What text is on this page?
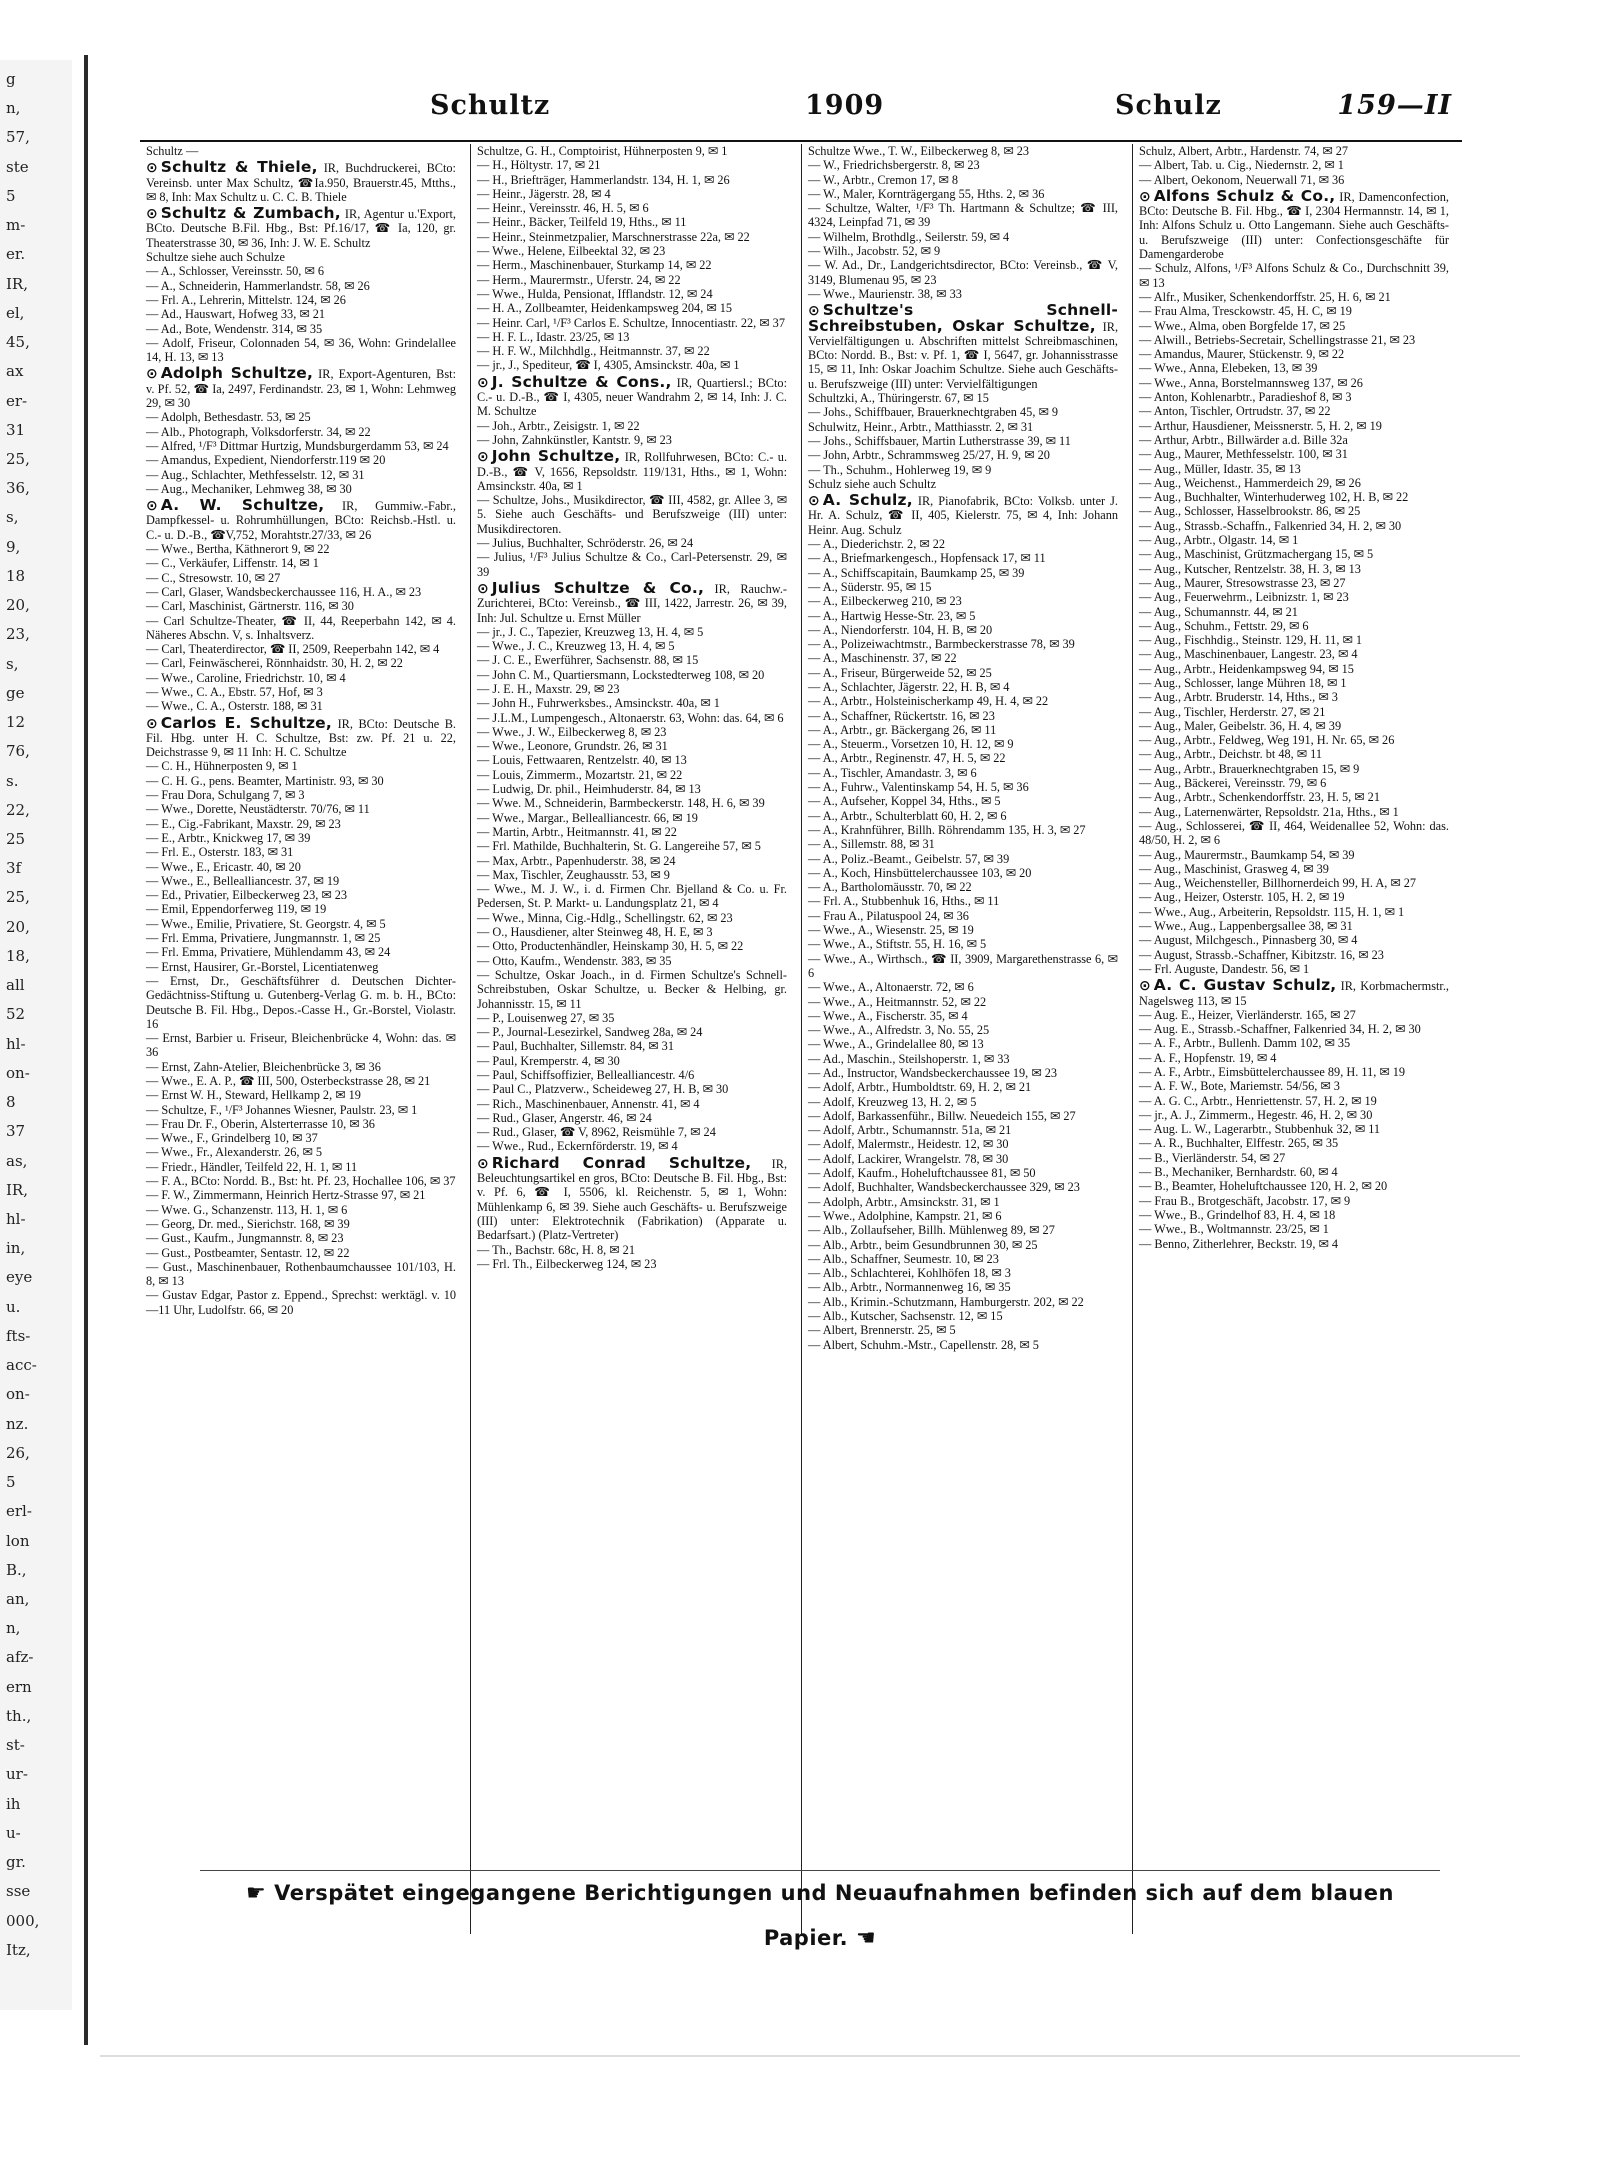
g
n,
57,
ste
5
m-
er.
IR,
el,
45,
ax
er-
31
25,
36,
s,
9,
18
20,
23,
s,
ge
12
76,
s.
22,
25
3f
25,
20,
18,
all
52
hl-
on-
8
37
as,
IR,
hl-
in,
eye
u.
fts-
acc-
on-
nz.
26,
5
erl-
lon
B.,
an,
n,
afz-
ern
th.,
st-
ur-
ih
u-
gr.
sse
000,
Itz,
Schultz	1909	Schulz	159—II
Schultz —
⊙ Schultz & Thiele, IR, Buchdruckerei, BCto: Vereinsb. unter Max Schultz, ☎Ia.950, Brauerstr.45, Mtths., ✉ 8, Inh: Max Schultz u. C. C. B. Thiele
⊙ Schultz & Zumbach, IR, Agentur u.'Export, BCto. Deutsche B.Fil. Hbg., Bst: Pf.16/17, ☎ Ia, 120, gr. Theaterstrasse 30, ✉ 36, Inh: J. W. E. Schultz
Schultze siehe auch Schulze
— A., Schlosser, Vereinsstr. 50, ✉ 6
— A., Schneiderin, Hammerlandstr. 58, ✉ 26
— Frl. A., Lehrerin, Mittelstr. 124, ✉ 26
— Ad., Hauswart, Hofweg 33, ✉ 21
— Ad., Bote, Wendenstr. 314, ✉ 35
— Adolf, Friseur, Colonnaden 54, ✉ 36, Wohn: Grindelallee 14, H. 13, ✉ 13
⊙ Adolph Schultze, IR, Export-Agenturen, Bst: v. Pf. 52, ☎ Ia, 2497, Ferdinandstr. 23, ✉ 1, Wohn: Lehmweg 29, ✉ 30
— Adolph, Bethesdastr. 53, ✉ 25
— Alb., Photograph, Volksdorferstr. 34, ✉ 22
— Alfred, ¹/F³ Dittmar Hurtzig, Mundsburgerdamm 53, ✉ 24
— Amandus, Expedient, Niendorferstr.119 ✉ 20
— Aug., Schlachter, Methfesselstr. 12, ✉ 31
— Aug., Mechaniker, Lehmweg 38, ✉ 30
⊙ A. W. Schultze, IR, Gummiw.-Fabr., Dampfkessel- u. Rohrumhüllungen, BCto: Reichsb.-Hstl. u. C.- u. D.-B., ☎V,752, Morahtstr.27/33, ✉ 26
— Wwe., Bertha, Käthnerort 9, ✉ 22
— C., Verkäufer, Liffenstr. 14, ✉ 1
— C., Stresowstr. 10, ✉ 27
— Carl, Glaser, Wandsbeckerchaussee 116, H. A., ✉ 23
— Carl, Maschinist, Gärtnerstr. 116, ✉ 30
— Carl Schultze-Theater, ☎ II, 44, Reeperbahn 142, ✉ 4. Näheres Abschn. V, s. Inhaltsverz.
— Carl, Theaterdirector, ☎ II, 2509, Reeperbahn 142, ✉ 4
— Carl, Feinwäscherei, Rönnhaidstr. 30, H. 2, ✉ 22
— Wwe., Caroline, Friedrichstr. 10, ✉ 4
— Wwe., C. A., Ebstr. 57, Hof, ✉ 3
— Wwe., C. A., Osterstr. 188, ✉ 31
⊙ Carlos E. Schultze, IR, BCto: Deutsche B. Fil. Hbg. unter H. C. Schultze, Bst: zw. Pf. 21 u. 22, Deichstrasse 9, ✉ 11 Inh: H. C. Schultze
— C. H., Hühnerposten 9, ✉ 1
— C. H. G., pens. Beamter, Martinistr. 93, ✉ 30
— Frau Dora, Schulgang 7, ✉ 3
— Wwe., Dorette, Neustädterstr. 70/76, ✉ 11
— E., Cig.-Fabrikant, Maxstr. 29, ✉ 23
— E., Arbtr., Knickweg 17, ✉ 39
— Frl. E., Osterstr. 183, ✉ 31
— Wwe., E., Ericastr. 40, ✉ 20
— Wwe., E., Bellealliancestr. 37, ✉ 19
— Ed., Privatier, Eilbeckerweg 23, ✉ 23
— Emil, Eppendorferweg 119, ✉ 19
— Wwe., Emilie, Privatiere, St. Georgstr. 4, ✉ 5
— Frl. Emma, Privatiere, Jungmannstr. 1, ✉ 25
— Frl. Emma, Privatiere, Mühlendamm 43, ✉ 24
— Ernst, Hausirer, Gr.-Borstel, Licentiatenweg
— Ernst, Dr., Geschäftsführer d. Deutschen Dichter-Gedächtniss-Stiftung u. Gutenberg-Verlag G. m. b. H., BCto: Deutsche B. Fil. Hbg., Depos.-Casse H., Gr.-Borstel, Violastr. 16
— Ernst, Barbier u. Friseur, Bleichenbrücke 4, Wohn: das. ✉ 36
— Ernst, Zahn-Atelier, Bleichenbrücke 3, ✉ 36
— Wwe., E. A. P., ☎ III, 500, Osterbeckstrasse 28, ✉ 21
— Ernst W. H., Steward, Hellkamp 2, ✉ 19
— Schultze, F., ¹/F³ Johannes Wiesner, Paulstr. 23, ✉ 1
— Frau Dr. F., Oberin, Alsterterrasse 10, ✉ 36
— Wwe., F., Grindelberg 10, ✉ 37
— Wwe., Fr., Alexanderstr. 26, ✉ 5
— Friedr., Händler, Teilfeld 22, H. 1, ✉ 11
— F. A., BCto: Nordd. B., Bst: ht. Pf. 23, Hochallee 106, ✉ 37
— F. W., Zimmermann, Heinrich Hertz-Strasse 97, ✉ 21
— Wwe. G., Schanzenstr. 113, H. 1, ✉ 6
— Georg, Dr. med., Sierichstr. 168, ✉ 39
— Gust., Kaufm., Jungmannstr. 8, ✉ 23
— Gust., Postbeamter, Sentastr. 12, ✉ 22
— Gust., Maschinenbauer, Rothenbaumchaussee 101/103, H. 8, ✉ 13
— Gustav Edgar, Pastor z. Eppend., Sprechst: werktägl. v. 10—11 Uhr, Ludolfstr. 66, ✉ 20
Schultze, G. H., Comptoirist, Hühnerposten 9, ✉ 1
— H., Höltystr. 17, ✉ 21
— H., Briefträger, Hammerlandstr. 134, H. 1, ✉ 26
— Heinr., Jägerstr. 28, ✉ 4
— Heinr., Vereinsstr. 46, H. 5, ✉ 6
— Heinr., Bäcker, Teilfeld 19, Hths., ✉ 11
— Heinr., Steinmetzpalier, Marschnerstrasse 22a, ✉ 22
— Wwe., Helene, Eilbeektal 32, ✉ 23
— Herm., Maschinenbauer, Sturkamp 14, ✉ 22
— Herm., Maurermstr., Uferstr. 24, ✉ 22
— Wwe., Hulda, Pensionat, Ifflandstr. 12, ✉ 24
— H. A., Zollbeamter, Heidenkampsweg 204, ✉ 15
— Heinr. Carl, ¹/F³ Carlos E. Schultze, Innocentiastr. 22, ✉ 37
— H. F. L., Idastr. 23/25, ✉ 13
— H. F. W., Milchhdlg., Heitmannstr. 37, ✉ 22
— jr., J., Spediteur, ☎ I, 4305, Amsinckstr. 40a, ✉ 1
⊙ J. Schultze & Cons., IR, Quartiersl.; BCto: C.- u. D.-B., ☎ I, 4305, neuer Wandrahm 2, ✉ 14, Inh: J. C. M. Schultze
— Joh., Arbtr., Zeisigstr. 1, ✉ 22
— John, Zahnkünstler, Kantstr. 9, ✉ 23
⊙ John Schultze, IR, Rollfuhrwesen, BCto: C.- u. D.-B., ☎ V, 1656, Repsoldstr. 119/131, Hths., ✉ 1, Wohn: Amsinckstr. 40a, ✉ 1
— Schultze, Johs., Musikdirector, ☎ III, 4582, gr. Allee 3, ✉ 5. Siehe auch Geschäfts- und Berufszweige (III) unter: Musikdirectoren.
— Julius, Buchhalter, Schröderstr. 26, ✉ 24
— Julius, ¹/F³ Julius Schultze & Co., Carl-Petersenstr. 29, ✉ 39
⊙ Julius Schultze & Co., IR, Rauchw.-Zurichterei, BCto: Vereinsb., ☎ III, 1422, Jarrestr. 26, ✉ 39, Inh: Jul. Schultze u. Ernst Müller
— jr., J. C., Tapezier, Kreuzweg 13, H. 4, ✉ 5
— Wwe., J. C., Kreuzweg 13, H. 4, ✉ 5
— J. C. E., Ewerführer, Sachsenstr. 88, ✉ 15
— John C. M., Quartiersmann, Lockstedterweg 108, ✉ 20
— J. E. H., Maxstr. 29, ✉ 23
— John H., Fuhrwerksbes., Amsinckstr. 40a, ✉ 1
— J.L.M., Lumpengesch., Altonaerstr. 63, Wohn: das. 64, ✉ 6
— Wwe., J. W., Eilbeckerweg 8, ✉ 23
— Wwe., Leonore, Grundstr. 26, ✉ 31
— Louis, Fettwaaren, Rentzelstr. 40, ✉ 13
— Louis, Zimmerm., Mozartstr. 21, ✉ 22
— Ludwig, Dr. phil., Heimhuderstr. 84, ✉ 13
— Wwe. M., Schneiderin, Barmbeckerstr. 148, H. 6, ✉ 39
— Wwe., Margar., Bellealliancestr. 66, ✉ 19
— Martin, Arbtr., Heitmannstr. 41, ✉ 22
— Frl. Mathilde, Buchhalterin, St. G. Langereihe 57, ✉ 5
— Max, Arbtr., Papenhuderstr. 38, ✉ 24
— Max, Tischler, Zeughausstr. 53, ✉ 9
— Wwe., M. J. W., i. d. Firmen Chr. Bjelland & Co. u. Fr. Pedersen, St. P. Markt- u. Landungsplatz 21, ✉ 4
— Wwe., Minna, Cig.-Hdlg., Schellingstr. 62, ✉ 23
— O., Hausdiener, alter Steinweg 48, H. E, ✉ 3
— Otto, Productenhändler, Heinskamp 30, H. 5, ✉ 22
— Otto, Kaufm., Wendenstr. 383, ✉ 35
— Schultze, Oskar Joach., in d. Firmen Schultze's Schnell-Schreibstuben, Oskar Schultze, u. Becker & Helbing, gr. Johannisstr. 15, ✉ 11
— P., Louisenweg 27, ✉ 35
— P., Journal-Lesezirkel, Sandweg 28a, ✉ 24
— Paul, Buchhalter, Sillemstr. 84, ✉ 31
— Paul, Kremperstr. 4, ✉ 30
— Paul, Schiffsoffizier, Bellealliancestr. 4/6
— Paul C., Platzverw., Scheideweg 27, H. B, ✉ 30
— Rich., Maschinenbauer, Annenstr. 41, ✉ 4
— Rud., Glaser, Angerstr. 46, ✉ 24
— Rud., Glaser, ☎ V, 8962, Reismühle 7, ✉ 24
— Wwe., Rud., Eckernförderstr. 19, ✉ 4
⊙ Richard Conrad Schultze, IR, Beleuchtungsartikel en gros, BCto: Deutsche B. Fil. Hbg., Bst: v. Pf. 6, ☎ I, 5506, kl. Reichenstr. 5, ✉ 1, Wohn: Mühlenkamp 6, ✉ 39. Siehe auch Geschäfts- u. Berufszweige (III) unter: Elektrotechnik (Fabrikation) (Apparate u. Bedarfsart.) (Platz-Vertreter)
— Th., Bachstr. 68c, H. 8, ✉ 21
— Frl. Th., Eilbeckerweg 124, ✉ 23
Schultze Wwe., T. W., Eilbeckerweg 8, ✉ 23
— W., Friedrichsbergerstr. 8, ✉ 23
— W., Arbtr., Cremon 17, ✉ 8
— W., Maler, Kornträgergang 55, Hths. 2, ✉ 36
— Schultze, Walter, ¹/F³ Th. Hartmann & Schultze; ☎ III, 4324, Leinpfad 71, ✉ 39
— Wilhelm, Brothdlg., Seilerstr. 59, ✉ 4
— Wilh., Jacobstr. 52, ✉ 9
— W. Ad., Dr., Landgerichtsdirector, BCto: Vereinsb., ☎ V, 3149, Blumenau 95, ✉ 23
— Wwe., Maurienstr. 38, ✉ 33
⊙ Schultze's Schnell-Schreibstuben, Oskar Schultze, IR, Vervielfältigungen u. Abschriften mittelst Schreibmaschinen, BCto: Nordd. B., Bst: v. Pf. 1, ☎ I, 5647, gr. Johannisstrasse 15, ✉ 11, Inh: Oskar Joachim Schultze. Siehe auch Geschäfts- u. Berufszweige (III) unter: Vervielfältigungen
Schultzki, A., Thüringerstr. 67, ✉ 15
— Johs., Schiffbauer, Brauerknechtgraben 45, ✉ 9
Schulwitz, Heinr., Arbtr., Matthiasstr. 2, ✉ 31
— Johs., Schiffsbauer, Martin Lutherstrasse 39, ✉ 11
— John, Arbtr., Schrammsweg 25/27, H. 9, ✉ 20
— Th., Schuhm., Hohlerweg 19, ✉ 9
Schulz siehe auch Schultz
⊙ A. Schulz, IR, Pianofabrik, BCto: Volksb. unter J. Hr. A. Schulz, ☎ II, 405, Kielerstr. 75, ✉ 4, Inh: Johann Heinr. Aug. Schulz
— A., Diederichstr. 2, ✉ 22
— A., Briefmarkengesch., Hopfensack 17, ✉ 11
— A., Schiffscapitain, Baumkamp 25, ✉ 39
— A., Süderstr. 95, ✉ 15
— A., Eilbeckerweg 210, ✉ 23
— A., Hartwig Hesse-Str. 23, ✉ 5
— A., Niendorferstr. 104, H. B, ✉ 20
— A., Polizeiwachtmstr., Barmbeckerstrasse 78, ✉ 39
— A., Maschinenstr. 37, ✉ 22
— A., Friseur, Bürgerweide 52, ✉ 25
— A., Schlachter, Jägerstr. 22, H. B, ✉ 4
— A., Arbtr., Holsteinischerkamp 49, H. 4, ✉ 22
— A., Schaffner, Rückertstr. 16, ✉ 23
— A., Arbtr., gr. Bäckergang 26, ✉ 11
— A., Steuerm., Vorsetzen 10, H. 12, ✉ 9
— A., Arbtr., Reginenstr. 47, H. 5, ✉ 22
— A., Tischler, Amandastr. 3, ✉ 6
— A., Fuhrw., Valentinskamp 54, H. 5, ✉ 36
— A., Aufseher, Koppel 34, Hths., ✉ 5
— A., Arbtr., Schulterblatt 60, H. 2, ✉ 6
— A., Krahnführer, Billh. Röhrendamm 135, H. 3, ✉ 27
— A., Sillemstr. 88, ✉ 31
— A., Poliz.-Beamt., Geibelstr. 57, ✉ 39
— A., Koch, Hinsbüttelerchaussee 103, ✉ 20
— A., Bartholomäusstr. 70, ✉ 22
— Frl. A., Stubbenhuk 16, Hths., ✉ 11
— Frau A., Pilatuspool 24, ✉ 36
— Wwe., A., Wiesenstr. 25, ✉ 19
— Wwe., A., Stiftstr. 55, H. 16, ✉ 5
— Wwe., A., Wirthsch., ☎ II, 3909, Margarethenstrasse 6, ✉ 6
— Wwe., A., Altonaerstr. 72, ✉ 6
— Wwe., A., Heitmannstr. 52, ✉ 22
— Wwe., A., Fischerstr. 35, ✉ 4
— Wwe., A., Alfredstr. 3, No. 55, 25
— Wwe., A., Grindelallee 80, ✉ 13
— Ad., Maschin., Steilshoperstr. 1, ✉ 33
— Ad., Instructor, Wandsbeckerchaussee 19, ✉ 23
— Adolf, Arbtr., Humboldtstr. 69, H. 2, ✉ 21
— Adolf, Kreuzweg 13, H. 2, ✉ 5
— Adolf, Barkassenführ., Billw. Neuedeich 155, ✉ 27
— Adolf, Arbtr., Schumannstr. 51a, ✉ 21
— Adolf, Malermstr., Heidestr. 12, ✉ 30
— Adolf, Lackirer, Wrangelstr. 78, ✉ 30
— Adolf, Kaufm., Hoheluftchaussee 81, ✉ 50
— Adolf, Buchhalter, Wandsbeckerchaussee 329, ✉ 23
— Adolph, Arbtr., Amsinckstr. 31, ✉ 1
— Wwe., Adolphine, Kampstr. 21, ✉ 6
— Alb., Zollaufseher, Billh. Mühlenweg 89, ✉ 27
— Alb., Arbtr., beim Gesundbrunnen 30, ✉ 25
— Alb., Schaffner, Seumestr. 10, ✉ 23
— Alb., Schlachterei, Kohlhöfen 18, ✉ 3
— Alb., Arbtr., Normannenweg 16, ✉ 35
— Alb., Krimin.-Schutzmann, Hamburgerstr. 202, ✉ 22
— Alb., Kutscher, Sachsenstr. 12, ✉ 15
— Albert, Brennerstr. 25, ✉ 5
— Albert, Schuhm.-Mstr., Capellenstr. 28, ✉ 5
Schulz, Albert, Arbtr., Hardenstr. 74, ✉ 27
— Albert, Tab. u. Cig., Niedernstr. 2, ✉ 1
— Albert, Oekonom, Neuerwall 71, ✉ 36
⊙ Alfons Schulz & Co., IR, Damenconfection, BCto: Deutsche B. Fil. Hbg., ☎ I, 2304 Hermannstr. 14, ✉ 1, Inh: Alfons Schulz u. Otto Langemann. Siehe auch Geschäfts- u. Berufszweige (III) unter: Confectionsgeschäfte für Damengarderobe
— Schulz, Alfons, ¹/F³ Alfons Schulz & Co., Durchschnitt 39, ✉ 13
— Alfr., Musiker, Schenkendorffstr. 25, H. 6, ✉ 21
— Frau Alma, Tresckowstr. 45, H. C, ✉ 19
— Wwe., Alma, oben Borgfelde 17, ✉ 25
— Alwill., Betriebs-Secretair, Schellingstrasse 21, ✉ 23
— Amandus, Maurer, Stückenstr. 9, ✉ 22
— Wwe., Anna, Elebeken, 13, ✉ 39
— Wwe., Anna, Borstelmannsweg 137, ✉ 26
— Anton, Kohlenarbtr., Paradieshof 8, ✉ 3
— Anton, Tischler, Ortrudstr. 37, ✉ 22
— Arthur, Hausdiener, Meissnerstr. 5, H. 2, ✉ 19
— Arthur, Arbtr., Billwärder a.d. Bille 32a
— Aug., Maurer, Methfesselstr. 100, ✉ 31
— Aug., Müller, Idastr. 35, ✉ 13
— Aug., Weichenst., Hammerdeich 29, ✉ 26
— Aug., Buchhalter, Winterhuderweg 102, H. B, ✉ 22
— Aug., Schlosser, Hasselbrookstr. 86, ✉ 25
— Aug., Strassb.-Schaffn., Falkenried 34, H. 2, ✉ 30
— Aug., Arbtr., Olgastr. 14, ✉ 1
— Aug., Maschinist, Grützmachergang 15, ✉ 5
— Aug., Kutscher, Rentzelstr. 38, H. 3, ✉ 13
— Aug., Maurer, Stresowstrasse 23, ✉ 27
— Aug., Feuerwehrm., Leibnizstr. 1, ✉ 23
— Aug., Schumannstr. 44, ✉ 21
— Aug., Schuhm., Fettstr. 29, ✉ 6
— Aug., Fischhdig., Steinstr. 129, H. 11, ✉ 1
— Aug., Maschinenbauer, Langestr. 23, ✉ 4
— Aug., Arbtr., Heidenkampsweg 94, ✉ 15
— Aug., Schlosser, lange Mühren 18, ✉ 1
— Aug., Arbtr. Bruderstr. 14, Hths., ✉ 3
— Aug., Tischler, Herderstr. 27, ✉ 21
— Aug., Maler, Geibelstr. 36, H. 4, ✉ 39
— Aug., Arbtr., Feldweg, Weg 191, H. Nr. 65, ✉ 26
— Aug., Arbtr., Deichstr. bt 48, ✉ 11
— Aug., Arbtr., Brauerknechtgraben 15, ✉ 9
— Aug., Bäckerei, Vereinsstr. 79, ✉ 6
— Aug., Arbtr., Schenkendorffstr. 23, H. 5, ✉ 21
— Aug., Laternenwärter, Repsoldstr. 21a, Hths., ✉ 1
— Aug., Schlosserei, ☎ II, 464, Weidenallee 52, Wohn: das. 48/50, H. 2, ✉ 6
— Aug., Maurermstr., Baumkamp 54, ✉ 39
— Aug., Maschinist, Grasweg 4, ✉ 39
— Aug., Weichensteller, Billhornerdeich 99, H. A, ✉ 27
— Aug., Heizer, Osterstr. 105, H. 2, ✉ 19
— Wwe., Aug., Arbeiterin, Repsoldstr. 115, H. 1, ✉ 1
— Wwe., Aug., Lappenbergsallee 38, ✉ 31
— August, Milchgesch., Pinnasberg 30, ✉ 4
— August, Strassb.-Schaffner, Kibitzstr. 16, ✉ 23
— Frl. Auguste, Dandestr. 56, ✉ 1
⊙ A. C. Gustav Schulz, IR, Korbmachermstr., Nagelsweg 113, ✉ 15
— Aug. E., Heizer, Vierländerstr. 165, ✉ 27
— Aug. E., Strassb.-Schaffner, Falkenried 34, H. 2, ✉ 30
— A. F., Arbtr., Bullenh. Damm 102, ✉ 35
— A. F., Hopfenstr. 19, ✉ 4
— A. F., Arbtr., Eimsbüttelerchaussee 89, H. 11, ✉ 19
— A. F. W., Bote, Mariemstr. 54/56, ✉ 3
— A. G. C., Arbtr., Henriettenstr. 57, H. 2, ✉ 19
— jr., A. J., Zimmerm., Hegestr. 46, H. 2, ✉ 30
— Aug. L. W., Lagerarbtr., Stubbenhuk 32, ✉ 11
— A. R., Buchhalter, Elffestr. 265, ✉ 35
— B., Vierländerstr. 54, ✉ 27
— B., Mechaniker, Bernhardstr. 60, ✉ 4
— B., Beamter, Hoheluftchaussee 120, H. 2, ✉ 20
— Frau B., Brotgeschäft, Jacobstr. 17, ✉ 9
— Wwe., B., Grindelhof 83, H. 4, ✉ 18
— Wwe., B., Woltmannstr. 23/25, ✉ 1
— Benno, Zitherlehrer, Beckstr. 19, ✉ 4
☛ Verspätet eingegangene Berichtigungen und Neuaufnahmen befinden sich auf dem blauen Papier. ☚
